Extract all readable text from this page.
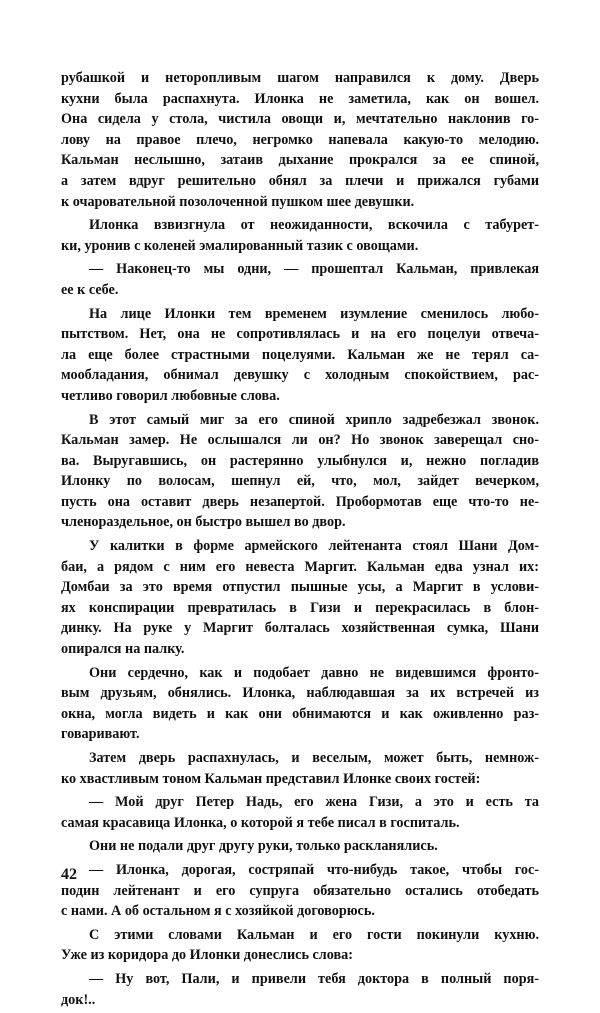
рубашкой и неторопливым шагом направился к дому. Дверь
кухни была распахнута. Илонка не заметила, как он вошел.
Она сидела у стола, чистила овощи и, мечтательно наклонив го-
лову на правое плечо, негромко напевала какую-то мелодию.
Кальман неслышно, затаив дыхание прокрался за ее спиной,
а затем вдруг решительно обнял за плечи и прижался губами
к очаровательной позолоченной пушком шее девушки.
Илонка взвизгнула от неожиданности, вскочила с табурет-
ки, уронив с коленей эмалированный тазик с овощами.
— Наконец-то мы одни, — прошептал Кальман, привлекая
ее к себе.
На лице Илонки тем временем изумление сменилось любо-
пытством. Нет, она не сопротивлялась и на его поцелуи отвеча-
ла еще более страстными поцелуями. Кальман же не терял са-
мообладания, обнимал девушку с холодным спокойствием, рас-
четливо говорил любовные слова.
В этот самый миг за его спиной хрипло задребезжал звонок.
Кальман замер. Не ослышался ли он? Но звонок заверещал сно-
ва. Выругавшись, он растерянно улыбнулся и, нежно погладив
Илонку по волосам, шепнул ей, что, мол, зайдет вечерком,
пусть она оставит дверь незапертой. Пробормотав еще что-то не-
членораздельное, он быстро вышел во двор.
У калитки в форме армейского лейтенанта стоял Шани Дом-
баи, а рядом с ним его невеста Маргит. Кальман едва узнал их:
Домбаи за это время отпустил пышные усы, а Маргит в услови-
ях конспирации превратилась в Гизи и перекрасилась в блон-
динку. На руке у Маргит болталась хозяйственная сумка, Шани
опирался на палку.
Они сердечно, как и подобает давно не видевшимся фронто-
вым друзьям, обнялись. Илонка, наблюдавшая за их встречей из
окна, могла видеть и как они обнимаются и как оживленно раз-
говаривают.
Затем дверь распахнулась, и веселым, может быть, немнож-
ко хвастливым тоном Кальман представил Илонке своих гостей:
— Мой друг Петер Надь, его жена Гизи, а это и есть та
самая красавица Илонка, о которой я тебе писал в госпиталь.
Они не подали друг другу руки, только раскланялись.
— Илонка, дорогая, состряпай что-нибудь такое, чтобы гос-
подин лейтенант и его супруга обязательно остались отобедать
с нами. А об остальном я с хозяйкой договорюсь.
С этими словами Кальман и его гости покинули кухню.
Уже из коридора до Илонки донеслись слова:
— Ну вот, Пали, и привели тебя доктора в полный поря-
док!..
42
